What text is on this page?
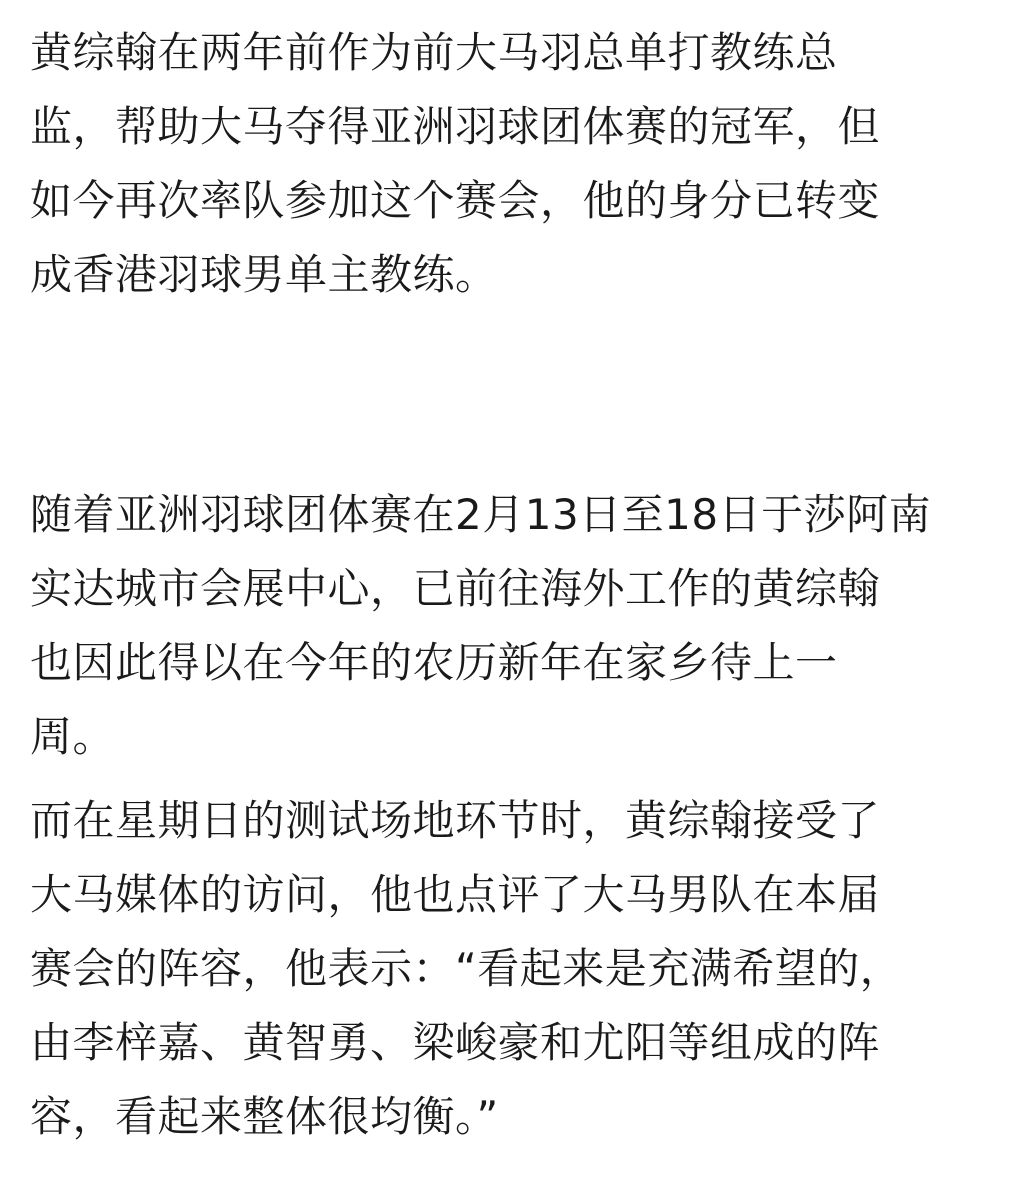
黄综翰在两年前作为前大马羽总单打教练总
监，帮助大马夺得亚洲羽球团体赛的冠军，但
如今再次率队参加这个赛会，他的身分已转变
成香港羽球男单主教练。

随着亚洲羽球团体赛在2月13日至18日于莎阿南
实达城市会展中心，已前往海外工作的黄综翰
也因此得以在今年的农历新年在家乡待上一
周。

而在星期日的测试场地环节时，黄综翰接受了
大马媒体的访问，他也点评了大马男队在本届
赛会的阵容，他表示：“看起来是充满希望的，
由李梓嘉、黄智勇、梁峻豪和尤阳等组成的阵
容，看起来整体很均衡。”
